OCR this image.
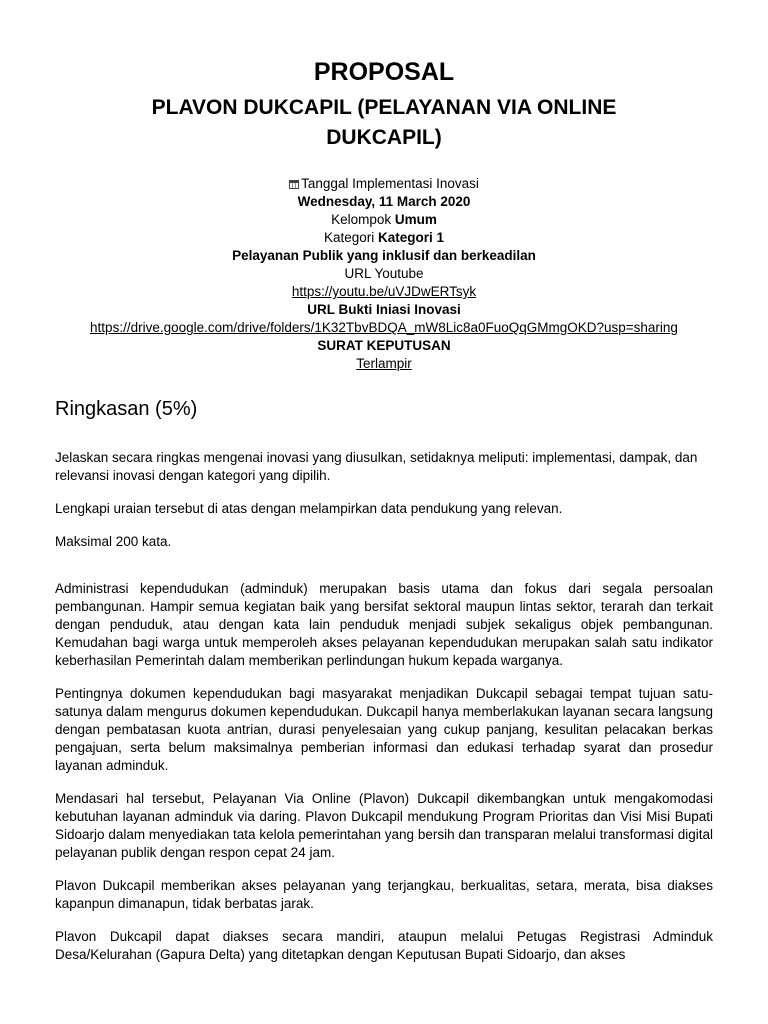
PROPOSAL
PLAVON DUKCAPIL (PELAYANAN VIA ONLINE DUKCAPIL)
Tanggal Implementasi Inovasi
Wednesday, 11 March 2020
Kelompok Umum
Kategori Kategori 1
Pelayanan Publik yang inklusif dan berkeadilan
URL Youtube
https://youtu.be/uVJDwERTsyk
URL Bukti Iniasi Inovasi
https://drive.google.com/drive/folders/1K32TbvBDQA_mW8Lic8a0FuoQqGMmgOKD?usp=sharing
SURAT KEPUTUSAN
Terlampir
Ringkasan (5%)

Jelaskan secara ringkas mengenai inovasi yang diusulkan, setidaknya meliputi: implementasi, dampak, dan relevansi inovasi dengan kategori yang dipilih.

Lengkapi uraian tersebut di atas dengan melampirkan data pendukung yang relevan.

Maksimal 200 kata.

Administrasi kependudukan (adminduk) merupakan basis utama dan fokus dari segala persoalan pembangunan. Hampir semua kegiatan baik yang bersifat sektoral maupun lintas sektor, terarah dan terkait dengan penduduk, atau dengan kata lain penduduk menjadi subjek sekaligus objek pembangunan. Kemudahan bagi warga untuk memperoleh akses pelayanan kependudukan merupakan salah satu indikator keberhasilan Pemerintah dalam memberikan perlindungan hukum kepada warganya.

Pentingnya dokumen kependudukan bagi masyarakat menjadikan Dukcapil sebagai tempat tujuan satu-satunya dalam mengurus dokumen kependudukan. Dukcapil hanya memberlakukan layanan secara langsung dengan pembatasan kuota antrian, durasi penyelesaian yang cukup panjang, kesulitan pelacakan berkas pengajuan, serta belum maksimalnya pemberian informasi dan edukasi terhadap syarat dan prosedur layanan adminduk.

Mendasari hal tersebut, Pelayanan Via Online (Plavon) Dukcapil dikembangkan untuk mengakomodasi kebutuhan layanan adminduk via daring. Plavon Dukcapil mendukung Program Prioritas dan Visi Misi Bupati Sidoarjo dalam menyediakan tata kelola pemerintahan yang bersih dan transparan melalui transformasi digital pelayanan publik dengan respon cepat 24 jam.

Plavon Dukcapil memberikan akses pelayanan yang terjangkau, berkualitas, setara, merata, bisa diakses kapanpun dimanapun, tidak berbatas jarak.

Plavon Dukcapil dapat diakses secara mandiri, ataupun melalui Petugas Registrasi Adminduk Desa/Kelurahan (Gapura Delta) yang ditetapkan dengan Keputusan Bupati Sidoarjo, dan akses
